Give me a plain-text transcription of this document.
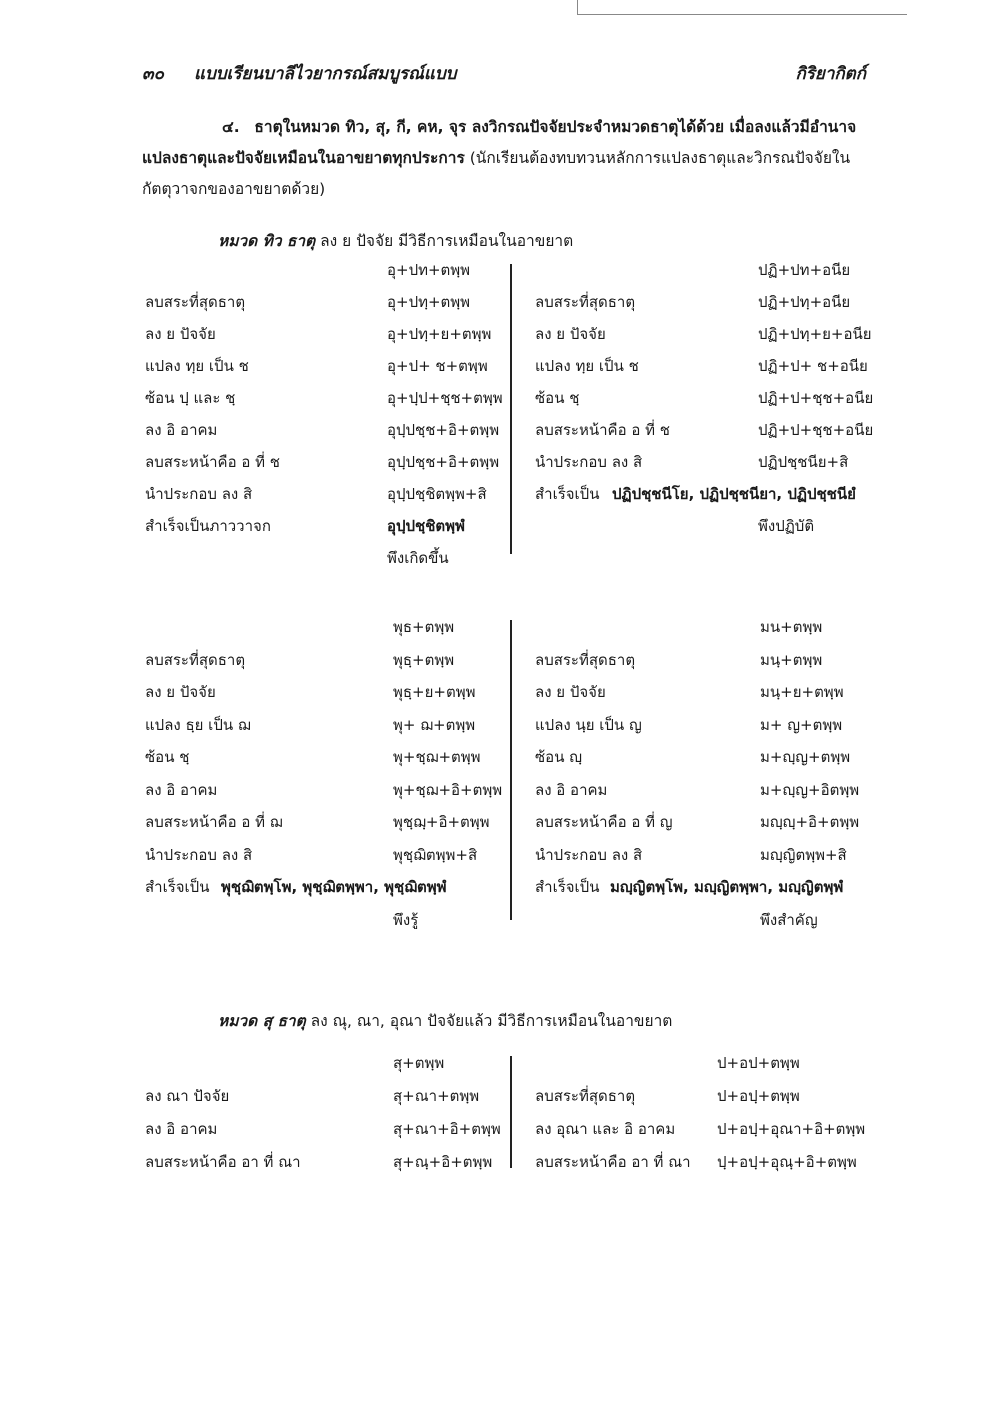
๓๐ แบบเรียนบาลีไวยากรณ์สมบูรณ์แบบ	กิริยากิตก์
๔. ธาตุในหมวด ทิว, สุ, กี, คห, จุร ลงวิกรณปัจจัยประจำหมวดธาตุได้ด้วย เมื่อลงแล้วมีอำนาจแปลงธาตุและปัจจัยเหมือนในอาขยาตทุกประการ (นักเรียนต้องทบทวนหลักการแปลงธาตุและวิกรณปัจจัยในกัตตุวาจกของอาขยาตด้วย)
หมวด ทิว ธาตุ ลง ย ปัจจัย มีวิธีการเหมือนในอาขยาต
อุ+ปท+ตพฺพ
ลบสระที่สุดธาตุ	อุ+ปทฺ+ตพฺพ
ลง ย ปัจจัย	อุ+ปทฺ+ย+ตพฺพ
แปลง ทฺย เป็น ช	อุ+ป+ ช+ตพฺพ
ซ้อน ปฺ และ ชฺ	อุ+ปฺป+ชฺช+ตพฺพ
ลง อิ อาคม	อุปฺปชฺช+อิ+ตพฺพ
ลบสระหน้าคือ อ ที่ ช	อุปฺปชฺช+อิ+ตพฺพ
นำประกอบ ลง สิ	อุปฺปชฺชิตพฺพ+สิ
สำเร็จเป็นภาววาจก	อุปฺปชฺชิตพฺพํ
พึงเกิดขึ้น
ปฏิ+ปท+อนีย
ลบสระที่สุดธาตุ	ปฏิ+ปทฺ+อนีย
ลง ย ปัจจัย	ปฏิ+ปทฺ+ย+อนีย
แปลง ทฺย เป็น ช	ปฏิ+ป+ ช+อนีย
ซ้อน ชฺ	ปฏิ+ป+ชฺช+อนีย
ลบสระหน้าคือ อ ที่ ช	ปฏิ+ป+ชฺช+อนีย
นำประกอบ ลง สิ	ปฏิปชฺชนีย+สิ
สำเร็จเป็น ปฏิปชฺชนีโย, ปฏิปชฺชนียา, ปฏิปชฺชนียํ
พึงปฏิบัติ
พุธ+ตพฺพ
ลบสระที่สุดธาตุ	พุธฺ+ตพฺพ
ลง ย ปัจจัย	พุธฺ+ย+ตพฺพ
แปลง ธฺย เป็น ฌ	พุ+ ฌ+ตพฺพ
ซ้อน ชฺ	พุ+ชฺฌ+ตพฺพ
ลง อิ อาคม	พุ+ชฺฌ+อิ+ตพฺพ
ลบสระหน้าคือ อ ที่ ฌ	พุชฺฌฺ+อิ+ตพฺพ
นำประกอบ ลง สิ	พุชฺฌิตพฺพ+สิ
สำเร็จเป็น พุชฺฌิตพฺโพ, พุชฺฌิตพฺพา, พุชฺฌิตพฺพํ
พึงรู้
มน+ตพฺพ
ลบสระที่สุดธาตุ	มนฺ+ตพฺพ
ลง ย ปัจจัย	มนฺ+ย+ตพฺพ
แปลง นฺย เป็น ญ	ม+ ญ+ตพฺพ
ซ้อน ญฺ	ม+ญฺญ+ตพฺพ
ลง อิ อาคม	ม+ญฺญ+อิตพฺพ
ลบสระหน้าคือ อ ที่ ญ	มญฺญฺ+อิ+ตพฺพ
นำประกอบ ลง สิ	มญฺญิตพฺพ+สิ
สำเร็จเป็น มญฺญิตพฺโพ, มญฺญิตพฺพา, มญฺญิตพฺพํ
พึงสำคัญ
หมวด สุ ธาตุ ลง ณุ, ณา, อุณา ปัจจัยแล้ว มีวิธีการเหมือนในอาขยาต
สุ+ตพฺพ
ลง ณา ปัจจัย	สุ+ณา+ตพฺพ
ลง อิ อาคม	สุ+ณา+อิ+ตพฺพ
ลบสระหน้าคือ อา ที่ ณา	สุ+ณฺ+อิ+ตพฺพ
ป+อป+ตพฺพ
ลบสระที่สุดธาตุ	ป+อปฺ+ตพฺพ
ลง อุณา และ อิ อาคม	ป+อปฺ+อุณา+อิ+ตพฺพ
ลบสระหน้าคือ อา ที่ ณา ปฺ+อปฺ+อุณฺ+อิ+ตพฺพ
